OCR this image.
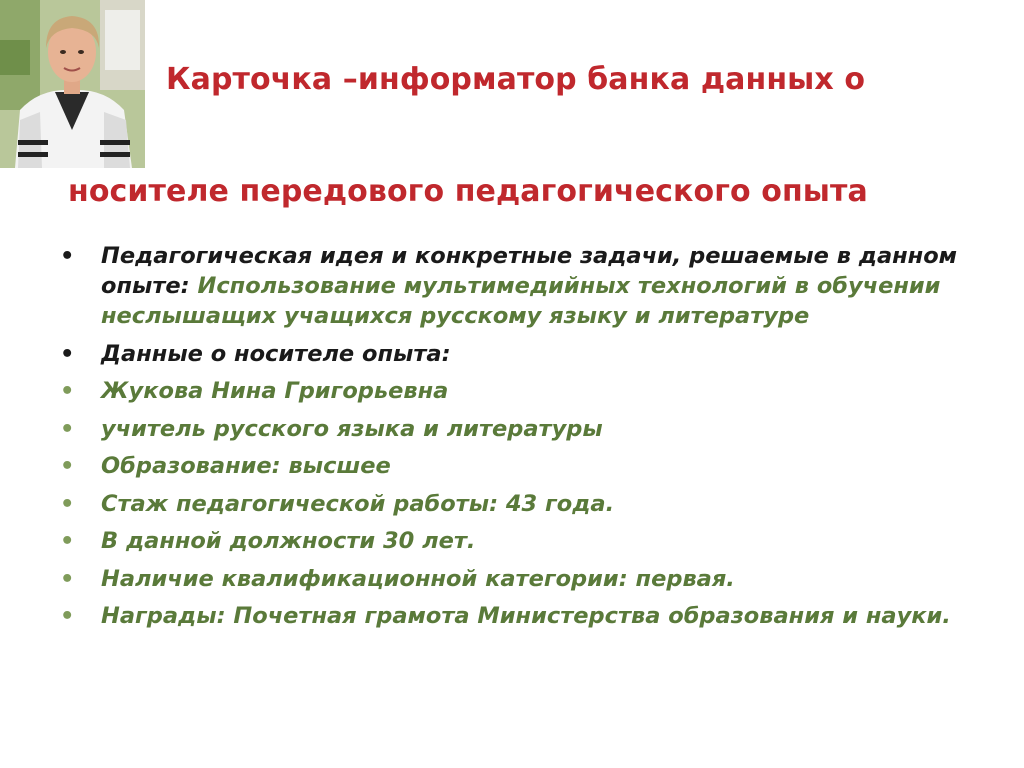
Карточка –информатор банка данных о
носителе передового педагогического опыта
• Педагогическая идея и конкретные задачи, решаемые в данном опыте: Использование мультимедийных технологий в обучении неслышащих учащихся русскому языку и литературе
• Данные о носителе опыта:
• Жукова Нина Григорьевна
• учитель русского языка и литературы
• Образование: высшее
• Стаж педагогической работы: 43 года.
• В данной должности 30 лет.
• Наличие квалификационной категории: первая.
• Награды: Почетная грамота Министерства образования и науки.
